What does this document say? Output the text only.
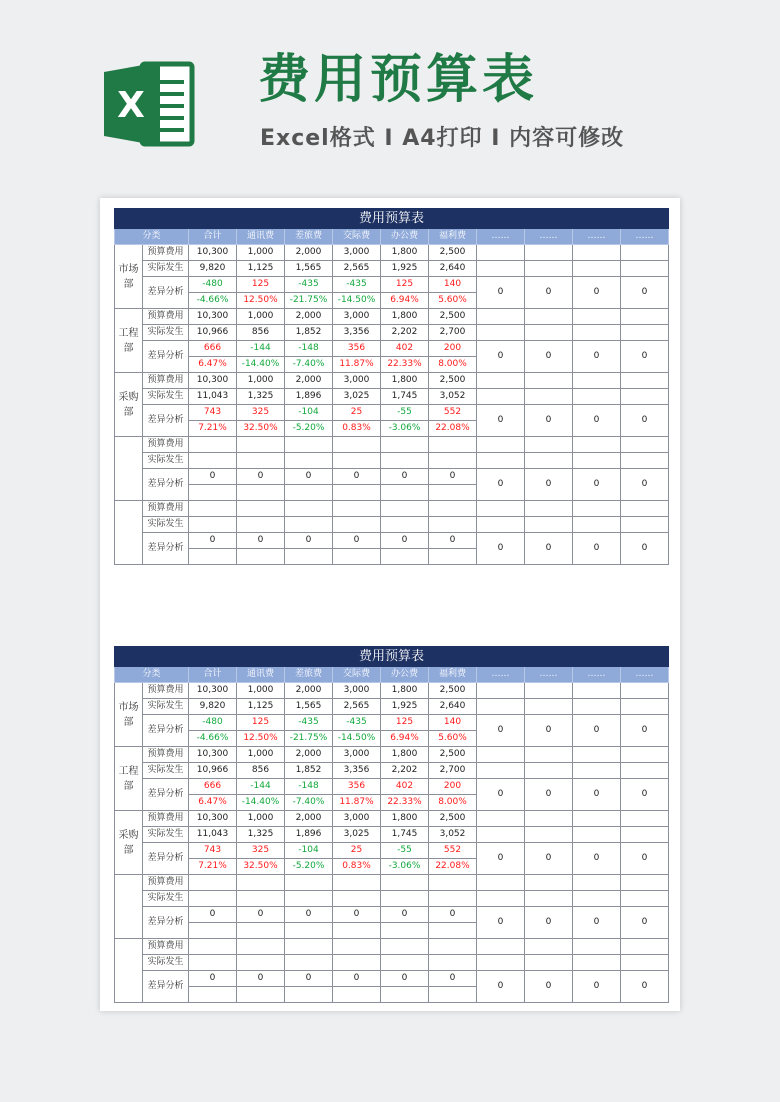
X 费用预算表
Excel格式 I A4打印 I 内容可修改
费用预算表											
分类		合计	通讯费	差旅费	交际费	办公费	福利费	……	……	……	……
市场部	预算费用	10,300	1,000	2,000	3,000	1,800	2,500				
	实际发生	9,820	1,125	1,565	2,565	1,925	2,640				
	差异分析	-480	125	-435	-435	125	140	0	0	0	0
		-4.66%	12.50%	-21.75%	-14.50%	6.94%	5.60%				
工程部	预算费用	10,300	1,000	2,000	3,000	1,800	2,500				
	实际发生	10,966	856	1,852	3,356	2,202	2,700				
	差异分析	666	-144	-148	356	402	200	0	0	0	0
		6.47%	-14.40%	-7.40%	11.87%	22.33%	8.00%				
采购部	预算费用	10,300	1,000	2,000	3,000	1,800	2,500				
	实际发生	11,043	1,325	1,896	3,025	1,745	3,052				
	差异分析	743	325	-104	25	-55	552	0	0	0	0
		7.21%	32.50%	-5.20%	0.83%	-3.06%	22.08%				
	预算费用										
	实际发生										
	差异分析	0	0	0	0	0	0	0	0	0	0

	预算费用										
	实际发生										
	差异分析	0	0	0	0	0	0	0	0	0	0

费用预算表											
分类		合计	通讯费	差旅费	交际费	办公费	福利费	……	……	……	……
市场部	预算费用	10,300	1,000	2,000	3,000	1,800	2,500				
	实际发生	9,820	1,125	1,565	2,565	1,925	2,640				
	差异分析	-480	125	-435	-435	125	140	0	0	0	0
		-4.66%	12.50%	-21.75%	-14.50%	6.94%	5.60%				
工程部	预算费用	10,300	1,000	2,000	3,000	1,800	2,500				
	实际发生	10,966	856	1,852	3,356	2,202	2,700				
	差异分析	666	-144	-148	356	402	200	0	0	0	0
		6.47%	-14.40%	-7.40%	11.87%	22.33%	8.00%				
采购部	预算费用	10,300	1,000	2,000	3,000	1,800	2,500				
	实际发生	11,043	1,325	1,896	3,025	1,745	3,052				
	差异分析	743	325	-104	25	-55	552	0	0	0	0
		7.21%	32.50%	-5.20%	0.83%	-3.06%	22.08%				
	预算费用										
	实际发生										
	差异分析	0	0	0	0	0	0	0	0	0	0

	预算费用										
	实际发生										
	差异分析	0	0	0	0	0	0	0	0	0	0
